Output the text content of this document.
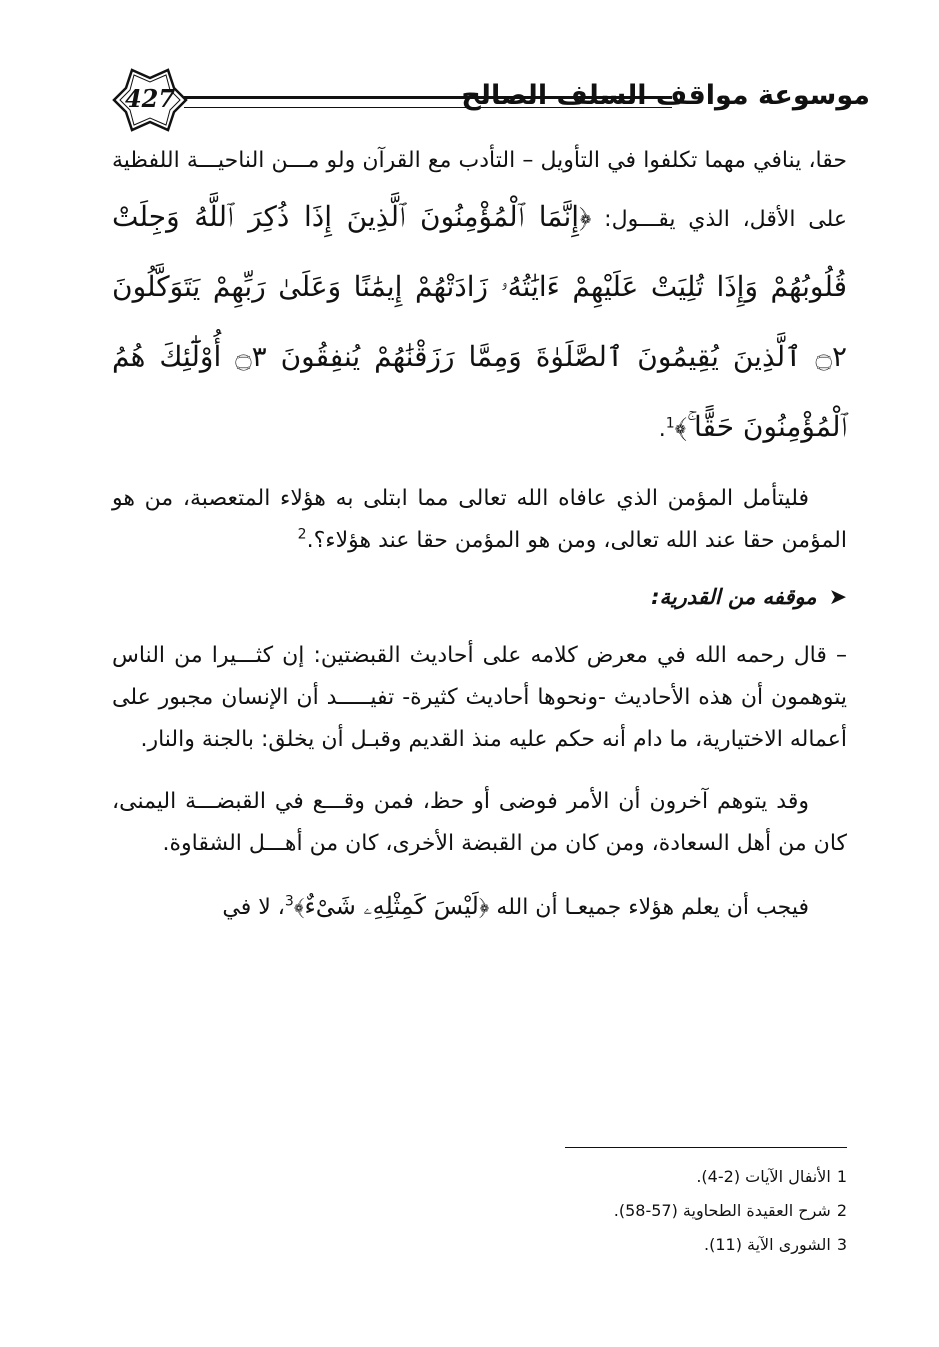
427	موسوعة مواقف السلف الصالح

حقا، ينافي مهما تكلفوا في التأويل – التأدب مع القرآن ولو مـــن الناحيـــة اللفظية على الأقل، الذي يقـــول: ﴿إِنَّمَا ٱلْمُؤْمِنُونَ ٱلَّذِينَ إِذَا ذُكِرَ ٱللَّهُ وَجِلَتْ قُلُوبُهُمْ وَإِذَا تُلِيَتْ عَلَيْهِمْ ءَايَٰتُهُۥ زَادَتْهُمْ إِيمَٰنًا وَعَلَىٰ رَبِّهِمْ يَتَوَكَّلُونَ ۝٢ ٱلَّذِينَ يُقِيمُونَ ٱلصَّلَوٰةَ وَمِمَّا رَزَقْنَٰهُمْ يُنفِقُونَ ۝٣ أُوْلَٰٓئِكَ هُمُ ٱلْمُؤْمِنُونَ حَقًّا ۚ﴾$^1$.

فليتأمل المؤمن الذي عافاه الله تعالى مما ابتلى به هؤلاء المتعصبة، من هو المؤمن حقا عند الله تعالى، ومن هو المؤمن حقا عند هؤلاء؟.$^2$

➤موقفه من القدرية:

– قال رحمه الله في معرض كلامه على أحاديث القبضتين: إن كثـــيرا من الناس يتوهمون أن هذه الأحاديث -ونحوها أحاديث كثيرة- تفيـــــد أن الإنسان مجبور على أعماله الاختيارية، ما دام أنه حكم عليه منذ القديم وقبـل أن يخلق: بالجنة والنار.

وقد يتوهم آخرون أن الأمر فوضى أو حظ، فمن وقـــع في القبضـــة اليمنى، كان من أهل السعادة، ومن كان من القبضة الأخرى، كان من أهـــل الشقاوة.

فيجب أن يعلم هؤلاء جميعـا أن الله ﴿لَيْسَ كَمِثْلِهِۦ شَىْءٌ﴾$^3$، لا في

1الأنفال الآيات (2-4).
2شرح العقيدة الطحاوية (57-58).
3الشورى الآية (11).
